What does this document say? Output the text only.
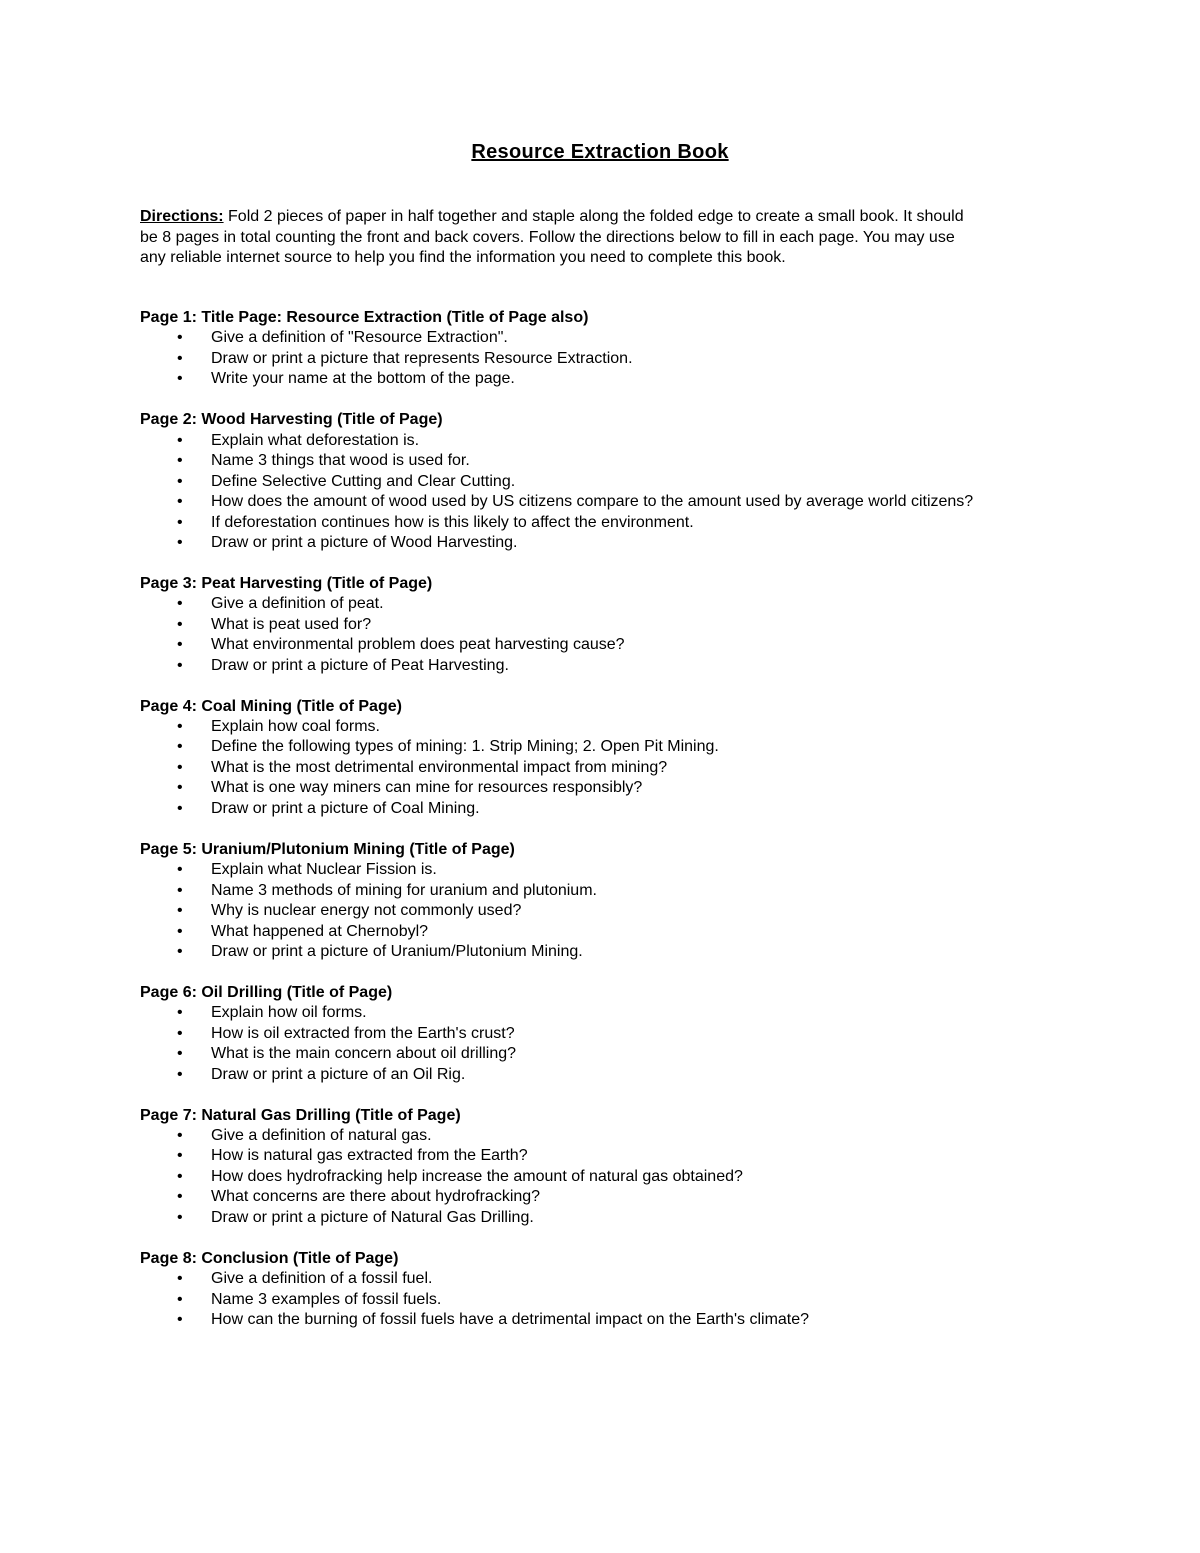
Resource Extraction Book
Directions: Fold 2 pieces of paper in half together and staple along the folded edge to create a small book. It should
be 8 pages in total counting the front and back covers. Follow the directions below to fill in each page. You may use
any reliable internet source to help you find the information you need to complete this book.
Page 1: Title Page: Resource Extraction (Title of Page also)
• Give a definition of "Resource Extraction".
• Draw or print a picture that represents Resource Extraction.
• Write your name at the bottom of the page.
Page 2: Wood Harvesting (Title of Page)
• Explain what deforestation is.
• Name 3 things that wood is used for.
• Define Selective Cutting and Clear Cutting.
• How does the amount of wood used by US citizens compare to the amount used by average world citizens?
• If deforestation continues how is this likely to affect the environment.
• Draw or print a picture of Wood Harvesting.
Page 3: Peat Harvesting (Title of Page)
• Give a definition of peat.
• What is peat used for?
• What environmental problem does peat harvesting cause?
• Draw or print a picture of Peat Harvesting.
Page 4: Coal Mining (Title of Page)
• Explain how coal forms.
• Define the following types of mining: 1. Strip Mining; 2. Open Pit Mining.
• What is the most detrimental environmental impact from mining?
• What is one way miners can mine for resources responsibly?
• Draw or print a picture of Coal Mining.
Page 5: Uranium/Plutonium Mining (Title of Page)
• Explain what Nuclear Fission is.
• Name 3 methods of mining for uranium and plutonium.
• Why is nuclear energy not commonly used?
• What happened at Chernobyl?
• Draw or print a picture of Uranium/Plutonium Mining.
Page 6: Oil Drilling (Title of Page)
• Explain how oil forms.
• How is oil extracted from the Earth's crust?
• What is the main concern about oil drilling?
• Draw or print a picture of an Oil Rig.
Page 7: Natural Gas Drilling (Title of Page)
• Give a definition of natural gas.
• How is natural gas extracted from the Earth?
• How does hydrofracking help increase the amount of natural gas obtained?
• What concerns are there about hydrofracking?
• Draw or print a picture of Natural Gas Drilling.
Page 8: Conclusion (Title of Page)
• Give a definition of a fossil fuel.
• Name 3 examples of fossil fuels.
• How can the burning of fossil fuels have a detrimental impact on the Earth's climate?
